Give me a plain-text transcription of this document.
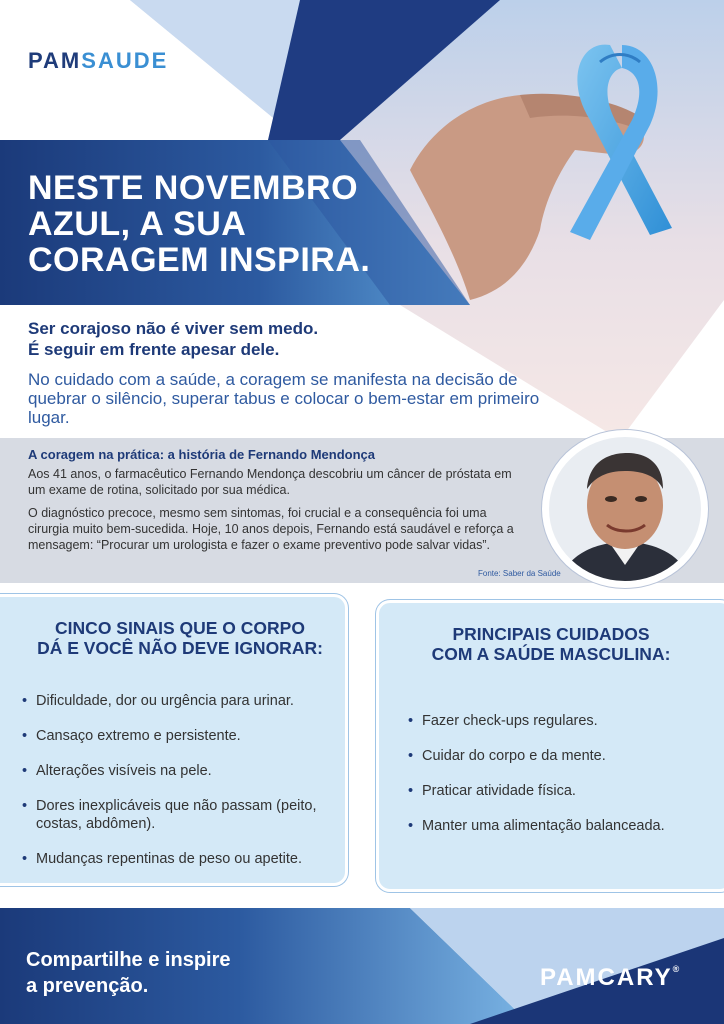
PAMSAUDE
NESTE NOVEMBRO
AZUL, A SUA
CORAGEM INSPIRA.
Ser corajoso não é viver sem medo.
É seguir em frente apesar dele.
No cuidado com a saúde, a coragem se manifesta na decisão de quebrar o silêncio, superar tabus e colocar o bem-estar em primeiro lugar.
A coragem na prática: a história de Fernando Mendonça
Aos 41 anos, o farmacêutico Fernando Mendonça descobriu um câncer de próstata em um exame de rotina, solicitado por sua médica.
O diagnóstico precoce, mesmo sem sintomas, foi crucial e a consequência foi uma cirurgia muito bem-sucedida. Hoje, 10 anos depois, Fernando está saudável e reforça a mensagem: “Procurar um urologista e fazer o exame preventivo pode salvar vidas”.
Fonte: Saber da Saúde
CINCO SINAIS QUE O CORPO
DÁ E VOCÊ NÃO DEVE IGNORAR:
• Dificuldade, dor ou urgência para urinar.
• Cansaço extremo e persistente.
• Alterações visíveis na pele.
• Dores inexplicáveis que não passam (peito, costas, abdômen).
• Mudanças repentinas de peso ou apetite.
PRINCIPAIS CUIDADOS
COM A SAÚDE MASCULINA:
• Fazer check-ups regulares.
• Cuidar do corpo e da mente.
• Praticar atividade física.
• Manter uma alimentação balanceada.
Compartilhe e inspire
a prevenção.	PAMCARY®
